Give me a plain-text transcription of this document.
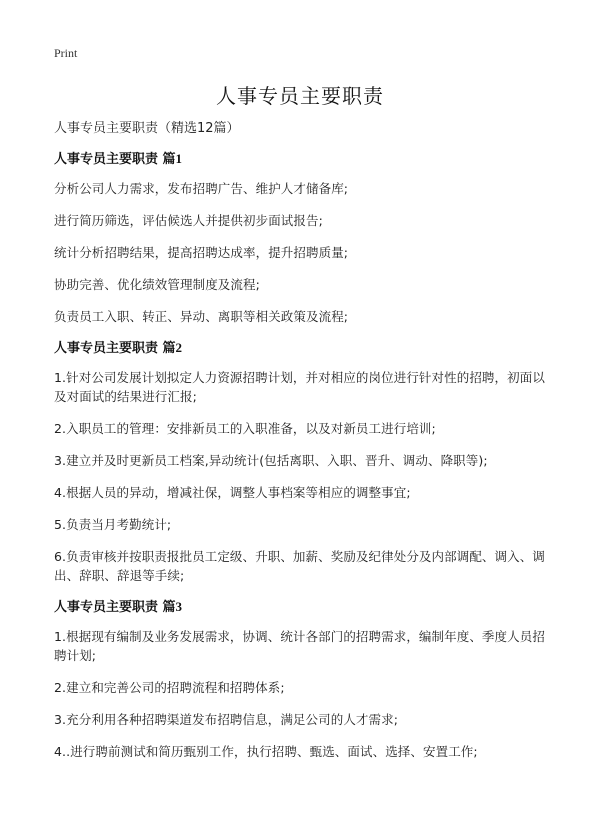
Print
人事专员主要职责

人事专员主要职责（精选12篇）

人事专员主要职责 篇1

分析公司人力需求，发布招聘广告、维护人才储备库;

进行简历筛选，评估候选人并提供初步面试报告;

统计分析招聘结果，提高招聘达成率，提升招聘质量;

协助完善、优化绩效管理制度及流程;

负责员工入职、转正、异动、离职等相关政策及流程;

人事专员主要职责 篇2

1.针对公司发展计划拟定人力资源招聘计划，并对相应的岗位进行针对性的招聘，初面以及对面试的结果进行汇报;

2.入职员工的管理：安排新员工的入职准备，以及对新员工进行培训;

3.建立并及时更新员工档案,异动统计(包括离职、入职、晋升、调动、降职等);

4.根据人员的异动，增减社保，调整人事档案等相应的调整事宜;

5.负责当月考勤统计;

6.负责审核并按职责报批员工定级、升职、加薪、奖励及纪律处分及内部调配、调入、调出、辞职、辞退等手续;

人事专员主要职责 篇3

1.根据现有编制及业务发展需求，协调、统计各部门的招聘需求，编制年度、季度人员招聘计划;

2.建立和完善公司的招聘流程和招聘体系;

3.充分利用各种招聘渠道发布招聘信息，满足公司的人才需求;

4..进行聘前测试和简历甄别工作，执行招聘、甄选、面试、选择、安置工作;
